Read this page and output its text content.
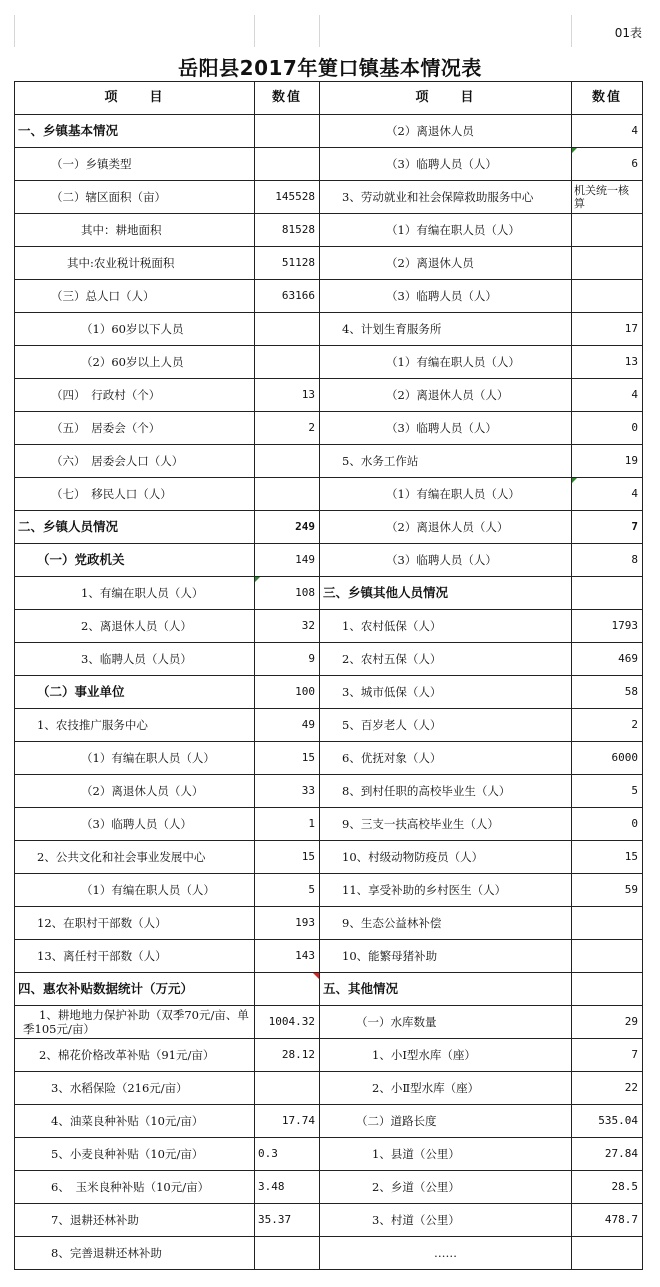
01表
岳阳县2017年筻口镇基本情况表
项　　目	数值	项　　目	数值
一、乡镇基本情况		（2）离退休人员	4
（一）乡镇类型		（3）临聘人员（人）	6
（二）辖区面积（亩）	145528	3、劳动就业和社会保障救助服务中心	机关统一核算
其中：耕地面积	81528	（1）有编在职人员（人）	
其中:农业税计税面积	51128	（2）离退休人员	
（三）总人口（人）	63166	（3）临聘人员（人）	
（1）60岁以下人员		4、计划生育服务所	17
（2）60岁以上人员		（1）有编在职人员（人）	13
（四）　行政村（个）	13	（2）离退休人员（人）	4
（五）　居委会（个）	2	（3）临聘人员（人）	0
（六）　居委会人口（人）		5、水务工作站	19
（七）　移民人口（人）		（1）有编在职人员（人）	4
二、乡镇人员情况	249	（2）离退休人员（人）	7
（一）党政机关	149	（3）临聘人员（人）	8
1、有编在职人员（人）	108	三、乡镇其他人员情况	
2、离退休人员（人）	32	1、农村低保（人）	1793
3、临聘人员（人员）	9	2、农村五保（人）	469
（二）事业单位	100	3、城市低保（人）	58
1、农技推广服务中心	49	5、百岁老人（人）	2
（1）有编在职人员（人）	15	6、优抚对象（人）	6000
（2）离退休人员（人）	33	8、到村任职的高校毕业生（人）	5
（3）临聘人员（人）	1	9、三支一扶高校毕业生（人）	0
2、公共文化和社会事业发展中心	15	10、村级动物防疫员（人）	15
（1）有编在职人员（人）	5	11、享受补助的乡村医生（人）	59
12、在职村干部数（人）	193	9、生态公益林补偿	
13、离任村干部数（人）	143	10、能繁母猪补助	
四、惠农补贴数据统计（万元）		五、其他情况	
1、耕地地力保护补助（双季70元/亩、单季105元/亩）	1004.32	（一）水库数量	29
2、棉花价格改革补贴（91元/亩）	28.12	1、小Ⅰ型水库（座）	7
3、水稻保险（216元/亩）		2、小Ⅱ型水库（座）	22
4、油菜良种补贴（10元/亩）	17.74	（二）道路长度	535.04
5、小麦良种补贴（10元/亩）	0.3	1、县道（公里）	27.84
6、　玉米良种补贴（10元/亩）	3.48	2、乡道（公里）	28.5
7、退耕还林补助	35.37	3、村道（公里）	478.7
8、完善退耕还林补助		……	
